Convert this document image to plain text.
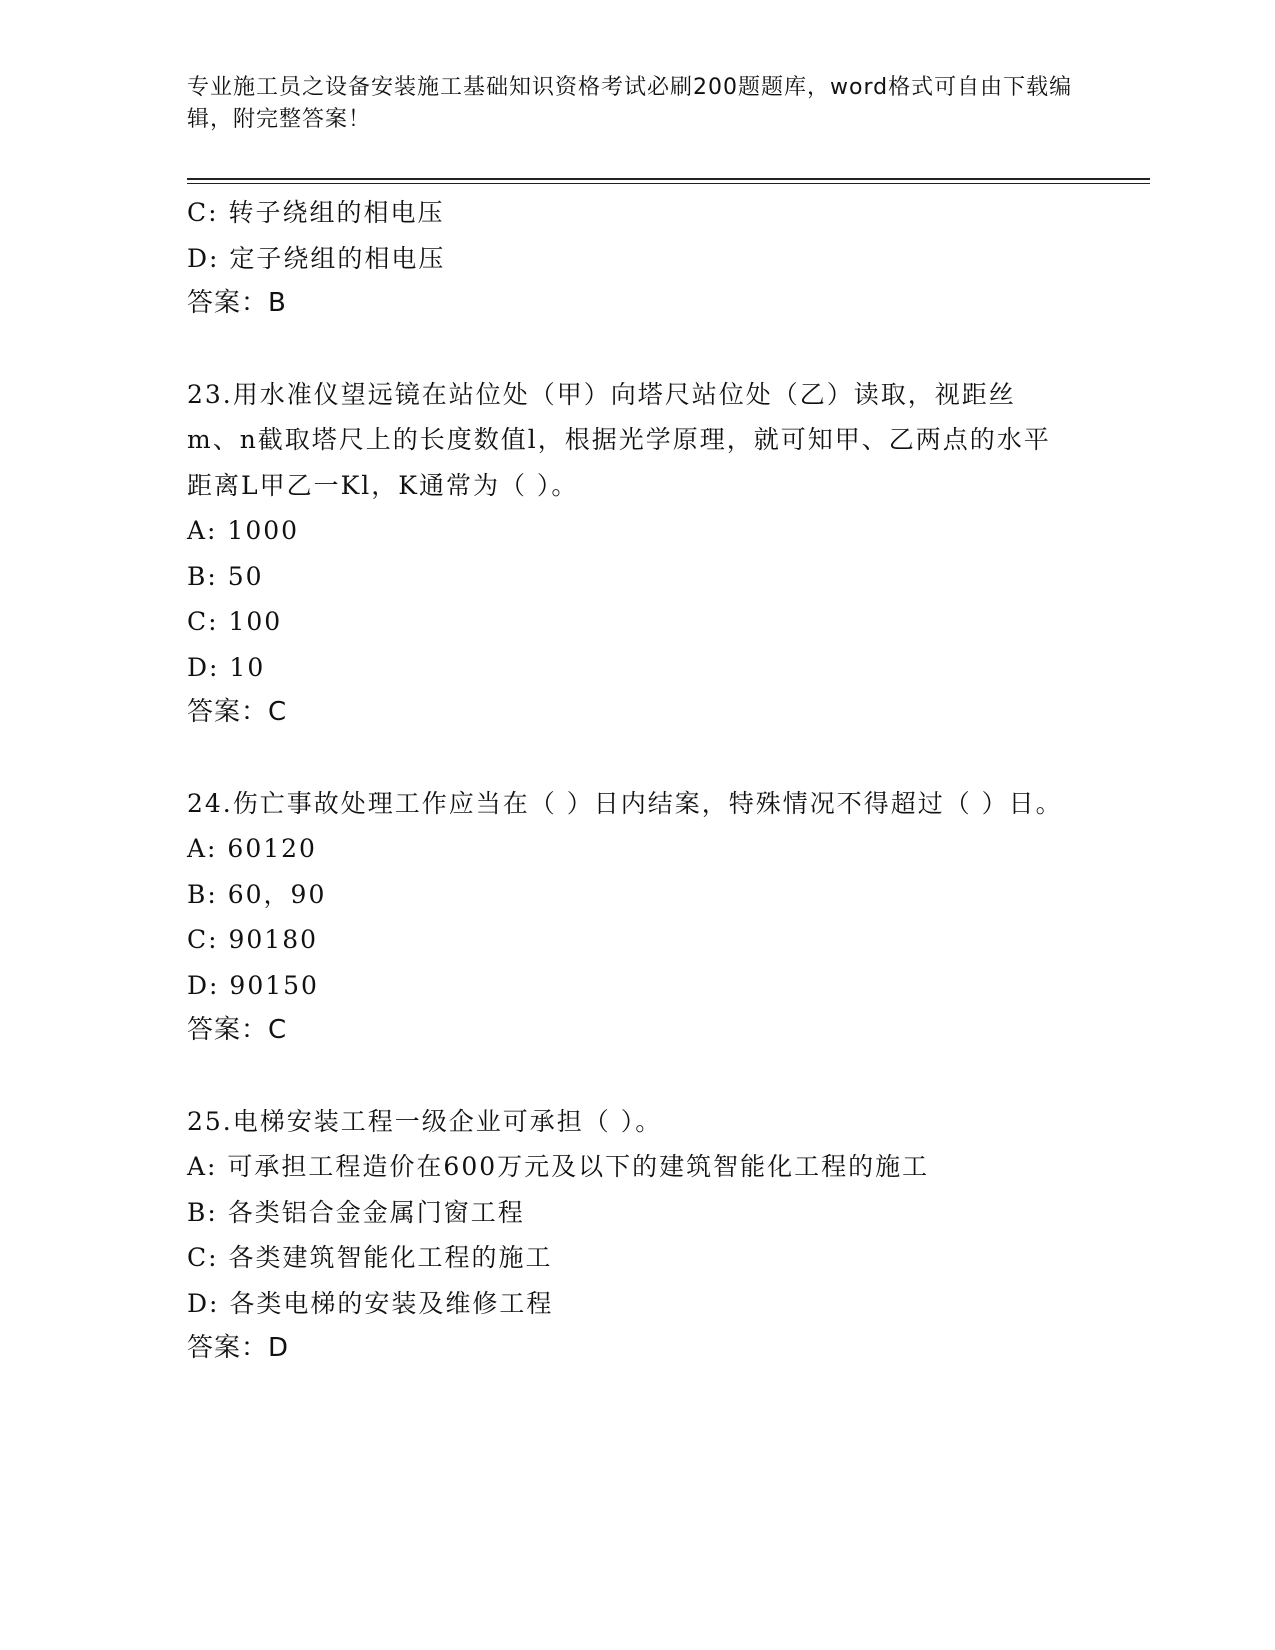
专业施工员之设备安装施工基础知识资格考试必刷200题题库，word格式可自由下载编辑，附完整答案！
C: 转子绕组的相电压
D: 定子绕组的相电压
答案：B
23.用水准仪望远镜在站位处（甲）向塔尺站位处（乙）读取，视距丝m、n截取塔尺上的长度数值l，根据光学原理，就可知甲、乙两点的水平距离L甲乙一Kl，K通常为（ ）。
A: 1000
B: 50
C: 100
D: 10
答案：C
24.伤亡事故处理工作应当在（ ）日内结案，特殊情况不得超过（ ）日。
A: 60120
B: 60，90
C: 90180
D: 90150
答案：C
25.电梯安装工程一级企业可承担（ ）。
A: 可承担工程造价在600万元及以下的建筑智能化工程的施工
B: 各类铝合金金属门窗工程
C: 各类建筑智能化工程的施工
D: 各类电梯的安装及维修工程
答案：D
